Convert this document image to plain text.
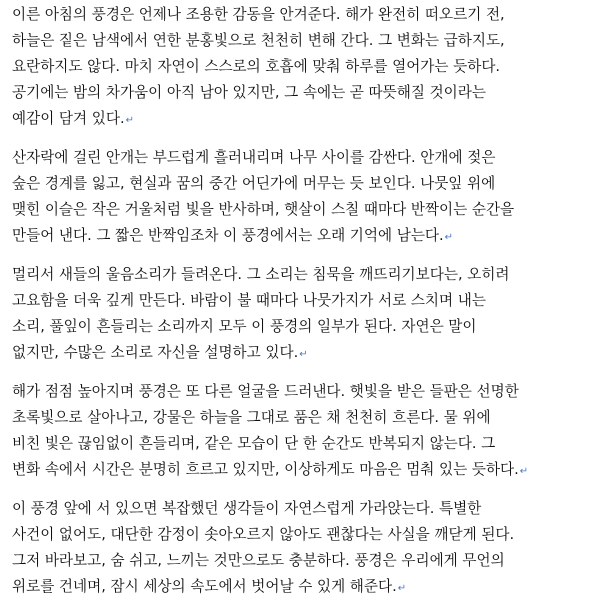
이른 아침의 풍경은 언제나 조용한 감동을 안겨준다. 해가 완전히 떠오르기 전,
하늘은 짙은 남색에서 연한 분홍빛으로 천천히 변해 간다. 그 변화는 급하지도,
요란하지도 않다. 마치 자연이 스스로의 호흡에 맞춰 하루를 열어가는 듯하다.
공기에는 밤의 차가움이 아직 남아 있지만, 그 속에는 곧 따뜻해질 것이라는
예감이 담겨 있다.↵
산자락에 걸린 안개는 부드럽게 흘러내리며 나무 사이를 감싼다. 안개에 젖은
숲은 경계를 잃고, 현실과 꿈의 중간 어딘가에 머무는 듯 보인다. 나뭇잎 위에
맺힌 이슬은 작은 거울처럼 빛을 반사하며, 햇살이 스칠 때마다 반짝이는 순간을
만들어 낸다. 그 짧은 반짝임조차 이 풍경에서는 오래 기억에 남는다.↵
멀리서 새들의 울음소리가 들려온다. 그 소리는 침묵을 깨뜨리기보다는, 오히려
고요함을 더욱 깊게 만든다. 바람이 불 때마다 나뭇가지가 서로 스치며 내는
소리, 풀잎이 흔들리는 소리까지 모두 이 풍경의 일부가 된다. 자연은 말이
없지만, 수많은 소리로 자신을 설명하고 있다.↵
해가 점점 높아지며 풍경은 또 다른 얼굴을 드러낸다. 햇빛을 받은 들판은 선명한
초록빛으로 살아나고, 강물은 하늘을 그대로 품은 채 천천히 흐른다. 물 위에
비친 빛은 끊임없이 흔들리며, 같은 모습이 단 한 순간도 반복되지 않는다. 그
변화 속에서 시간은 분명히 흐르고 있지만, 이상하게도 마음은 멈춰 있는 듯하다.↵
이 풍경 앞에 서 있으면 복잡했던 생각들이 자연스럽게 가라앉는다. 특별한
사건이 없어도, 대단한 감정이 솟아오르지 않아도 괜찮다는 사실을 깨닫게 된다.
그저 바라보고, 숨 쉬고, 느끼는 것만으로도 충분하다. 풍경은 우리에게 무언의
위로를 건네며, 잠시 세상의 속도에서 벗어날 수 있게 해준다.↵
